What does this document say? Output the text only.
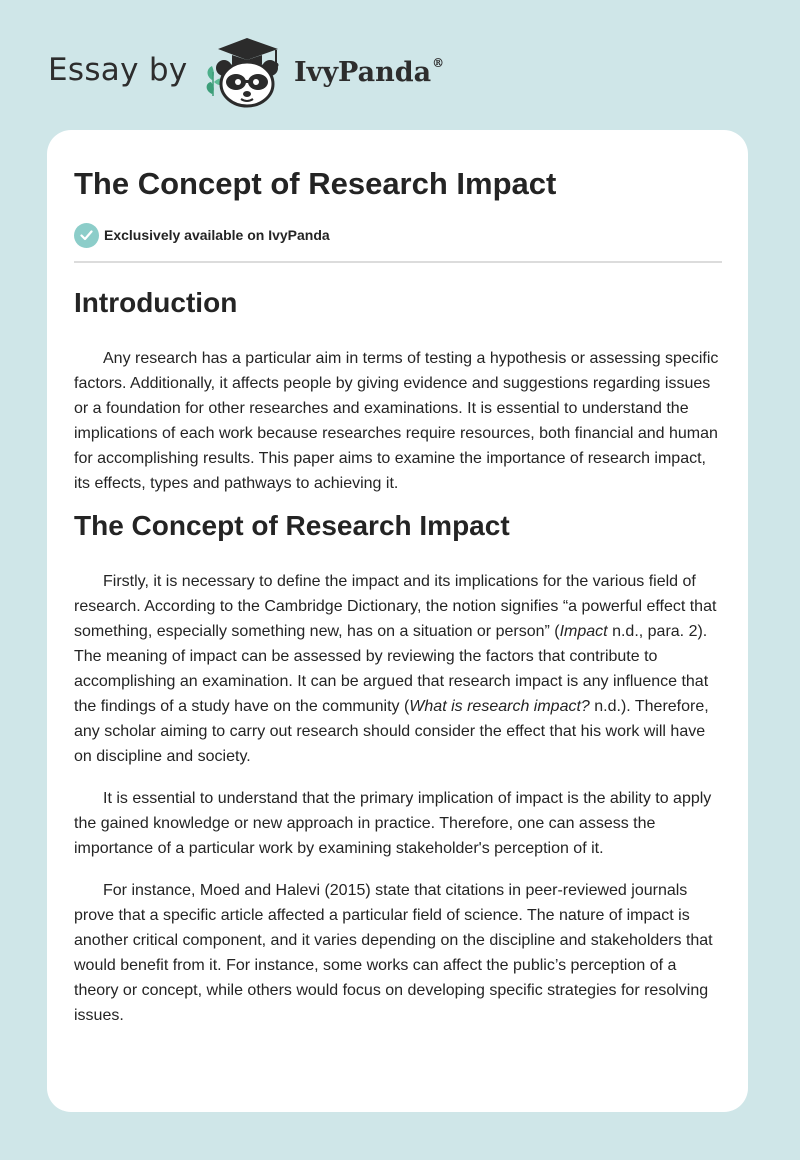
Essay by	IvyPanda®
The Concept of Research Impact
Exclusively available on IvyPanda
Introduction

Any research has a particular aim in terms of testing a hypothesis or assessing specific factors. Additionally, it affects people by giving evidence and suggestions regarding issues or a foundation for other researches and examinations. It is essential to understand the implications of each work because researches require resources, both financial and human for accomplishing results. This paper aims to examine the importance of research impact, its effects, types and pathways to achieving it.

The Concept of Research Impact

Firstly, it is necessary to define the impact and its implications for the various field of research. According to the Cambridge Dictionary, the notion signifies “a powerful effect that something, especially something new, has on a situation or person” (Impact n.d., para. 2). The meaning of impact can be assessed by reviewing the factors that contribute to accomplishing an examination. It can be argued that research impact is any influence that the findings of a study have on the community (What is research impact? n.d.). Therefore, any scholar aiming to carry out research should consider the effect that his work will have on discipline and society.

It is essential to understand that the primary implication of impact is the ability to apply the gained knowledge or new approach in practice. Therefore, one can assess the importance of a particular work by examining stakeholder's perception of it.

For instance, Moed and Halevi (2015) state that citations in peer-reviewed journals prove that a specific article affected a particular field of science. The nature of impact is another critical component, and it varies depending on the discipline and stakeholders that would benefit from it. For instance, some works can affect the public’s perception of a theory or concept, while others would focus on developing specific strategies for resolving issues.
